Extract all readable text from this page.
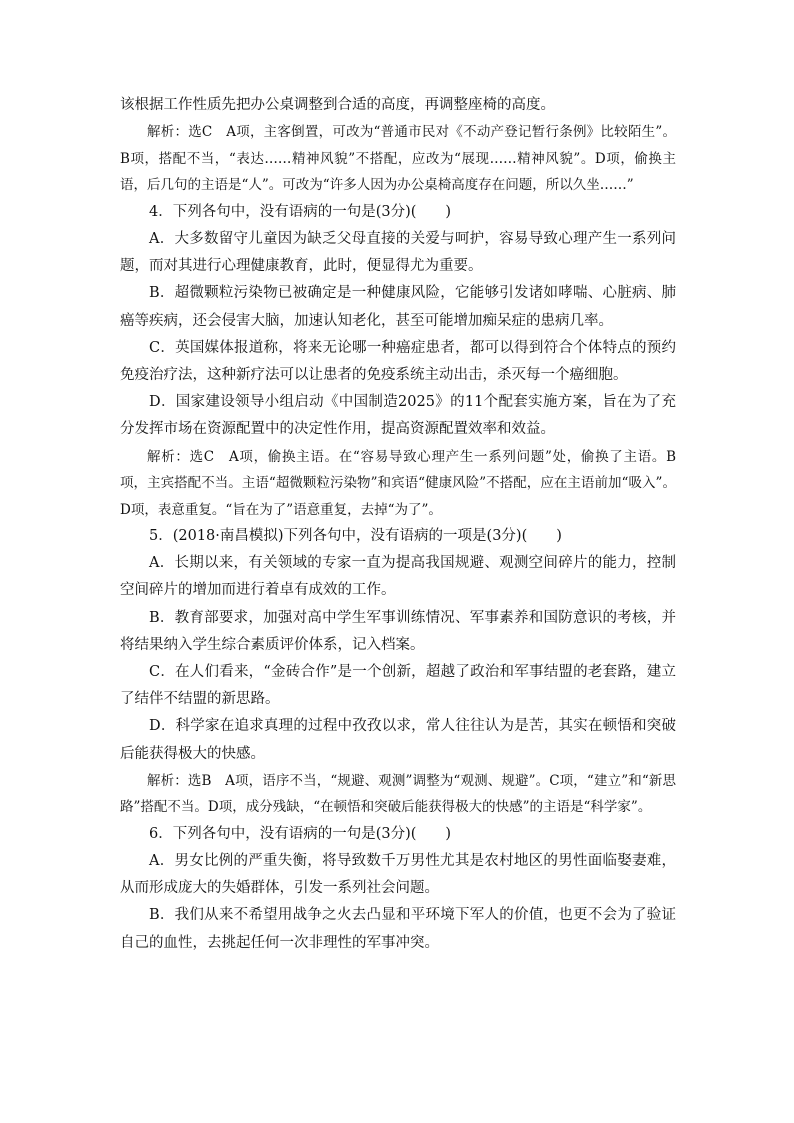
该根据工作性质先把办公桌调整到合适的高度，再调整座椅的高度。

解析：选C　A项，主客倒置，可改为“普通市民对《不动产登记暂行条例》比较陌生”。B项，搭配不当，“表达……精神风貌”不搭配，应改为“展现……精神风貌”。D项，偷换主语，后几句的主语是“人”。可改为“许多人因为办公桌椅高度存在问题，所以久坐……”

4．下列各句中，没有语病的一句是(3分)(　　)

A．大多数留守儿童因为缺乏父母直接的关爱与呵护，容易导致心理产生一系列问题，而对其进行心理健康教育，此时，便显得尤为重要。

B．超微颗粒污染物已被确定是一种健康风险，它能够引发诸如哮喘、心脏病、肺癌等疾病，还会侵害大脑，加速认知老化，甚至可能增加痴呆症的患病几率。

C．英国媒体报道称，将来无论哪一种癌症患者，都可以得到符合个体特点的预约免疫治疗法，这种新疗法可以让患者的免疫系统主动出击，杀灭每一个癌细胞。

D．国家建设领导小组启动《中国制造2025》的11个配套实施方案，旨在为了充分发挥市场在资源配置中的决定性作用，提高资源配置效率和效益。

解析：选C　A项，偷换主语。在“容易导致心理产生一系列问题”处，偷换了主语。B项，主宾搭配不当。主语“超微颗粒污染物”和宾语“健康风险”不搭配，应在主语前加“吸入”。D项，表意重复。“旨在为了”语意重复，去掉“为了”。

5．(2018·南昌模拟)下列各句中，没有语病的一项是(3分)(　　)

A．长期以来，有关领域的专家一直为提高我国规避、观测空间碎片的能力，控制空间碎片的增加而进行着卓有成效的工作。

B．教育部要求，加强对高中学生军事训练情况、军事素养和国防意识的考核，并将结果纳入学生综合素质评价体系，记入档案。

C．在人们看来，“金砖合作”是一个创新，超越了政治和军事结盟的老套路，建立了结伴不结盟的新思路。

D．科学家在追求真理的过程中孜孜以求，常人往往认为是苦，其实在顿悟和突破后能获得极大的快感。

解析：选B　A项，语序不当，“规避、观测”调整为“观测、规避”。C项，“建立”和“新思路”搭配不当。D项，成分残缺，“在顿悟和突破后能获得极大的快感”的主语是“科学家”。

6．下列各句中，没有语病的一句是(3分)(　　)

A．男女比例的严重失衡，将导致数千万男性尤其是农村地区的男性面临娶妻难，从而形成庞大的失婚群体，引发一系列社会问题。

B．我们从来不希望用战争之火去凸显和平环境下军人的价值，也更不会为了验证自己的血性，去挑起任何一次非理性的军事冲突。
